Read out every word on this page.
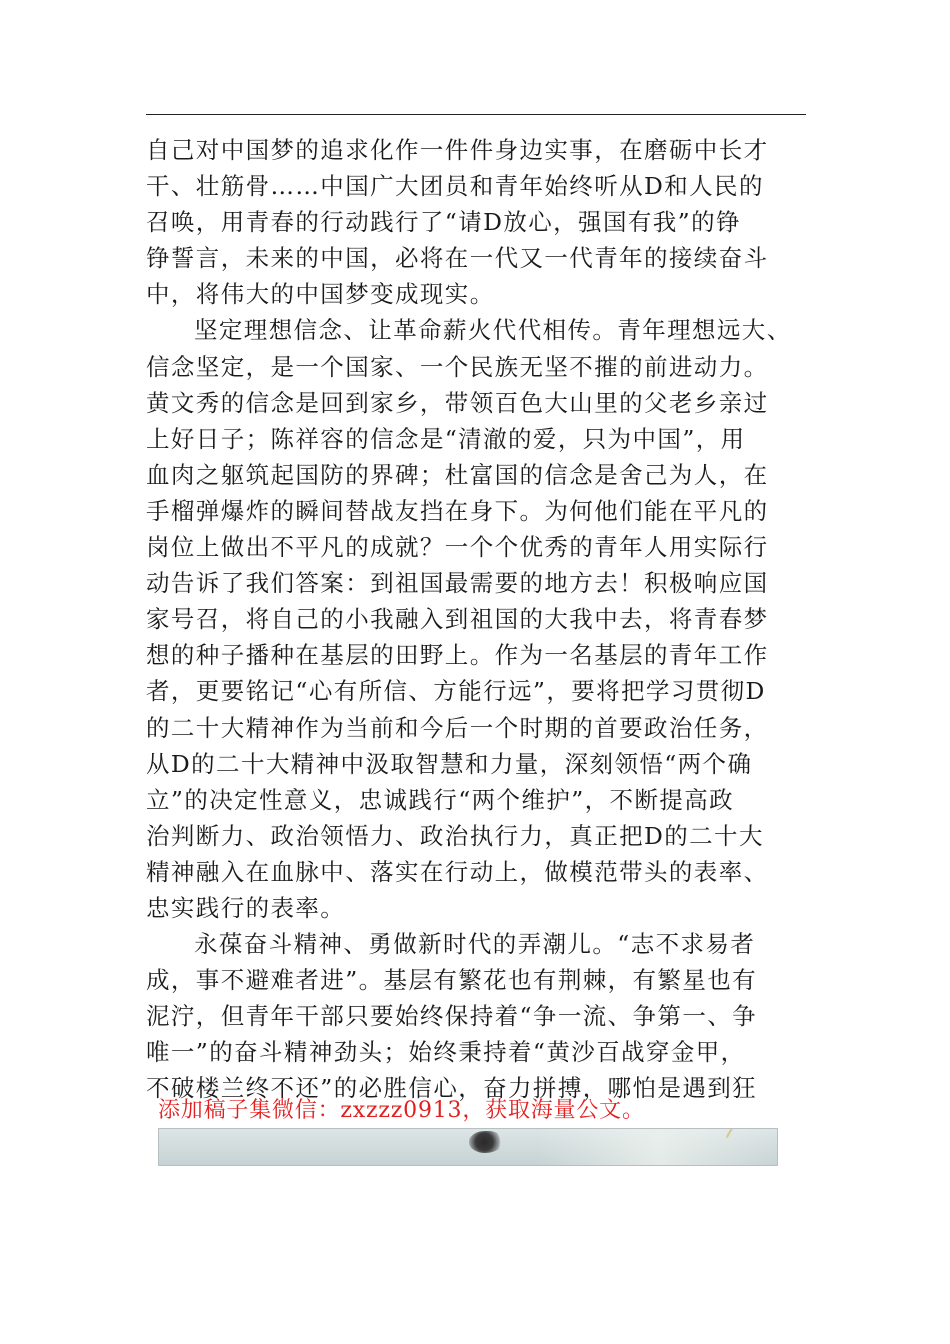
自己对中国梦的追求化作一件件身边实事，在磨砺中长才
干、壮筋骨……中国广大团员和青年始终听从D和人民的
召唤，用青春的行动践行了“请D放心，强国有我”的铮
铮誓言，未来的中国，必将在一代又一代青年的接续奋斗
中，将伟大的中国梦变成现实。
坚定理想信念、让革命薪火代代相传。青年理想远大、
信念坚定，是一个国家、一个民族无坚不摧的前进动力。
黄文秀的信念是回到家乡，带领百色大山里的父老乡亲过
上好日子；陈祥容的信念是“清澈的爱，只为中国”，用
血肉之躯筑起国防的界碑；杜富国的信念是舍己为人，在
手榴弹爆炸的瞬间替战友挡在身下。为何他们能在平凡的
岗位上做出不平凡的成就？一个个优秀的青年人用实际行
动告诉了我们答案：到祖国最需要的地方去！积极响应国
家号召，将自己的小我融入到祖国的大我中去，将青春梦
想的种子播种在基层的田野上。作为一名基层的青年工作
者，更要铭记“心有所信、方能行远”，要将把学习贯彻D
的二十大精神作为当前和今后一个时期的首要政治任务，
从D的二十大精神中汲取智慧和力量，深刻领悟“两个确
立”的决定性意义，忠诚践行“两个维护”，不断提高政
治判断力、政治领悟力、政治执行力，真正把D的二十大
精神融入在血脉中、落实在行动上，做模范带头的表率、
忠实践行的表率。
永葆奋斗精神、勇做新时代的弄潮儿。“志不求易者
成，事不避难者进”。基层有繁花也有荆棘，有繁星也有
泥泞，但青年干部只要始终保持着“争一流、争第一、争
唯一”的奋斗精神劲头；始终秉持着“黄沙百战穿金甲，
不破楼兰终不还”的必胜信心，奋力拼搏，哪怕是遇到狂
添加稿子集微信：zxzzz0913，获取海量公文。
